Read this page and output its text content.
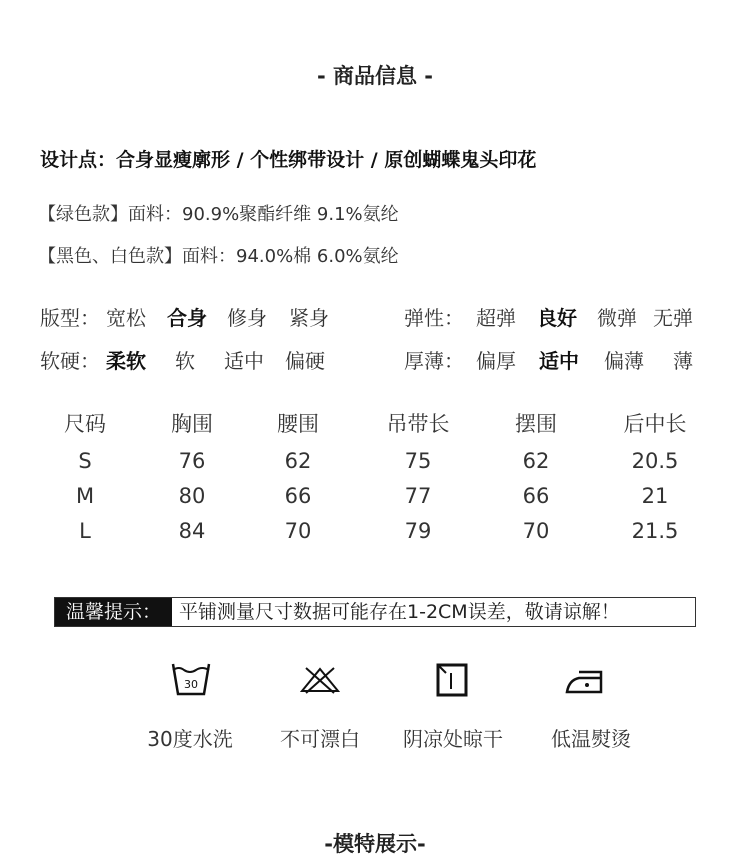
- 商品信息 -
设计点：合身显瘦廓形 / 个性绑带设计 / 原创蝴蝶鬼头印花
【绿色款】面料：90.9%聚酯纤维 9.1%氨纶
【黑色、白色款】面料：94.0%棉 6.0%氨纶
版型： 宽松 合身 修身 紧身	弹性： 超弹 良好 微弹 无弹
软硬： 柔软 软 适中 偏硬	厚薄： 偏厚 适中 偏薄 薄
尺码	胸围	腰围	吊带长	摆围	后中长
S	76	62	75	62	20.5
M	80	66	77	66	21
L	84	70	79	70	21.5
温馨提示： 平铺测量尺寸数据可能存在1-2CM误差，敬请谅解！
30
30度水洗	不可漂白	阴凉处晾干	低温熨烫
-模特展示-
